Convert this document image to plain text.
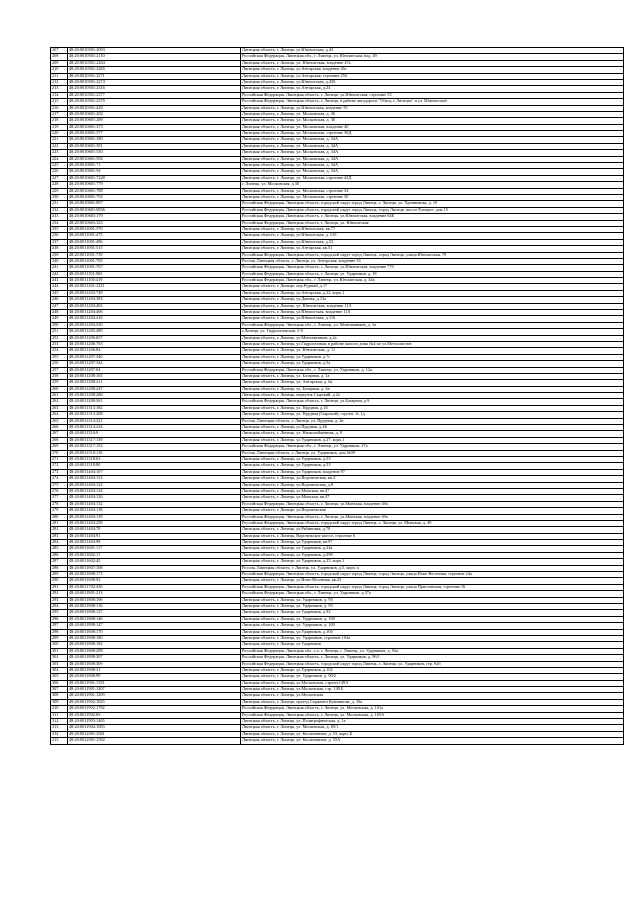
207	48:20:0010501:2093	Липецкая область, г. Липецк, ул.Юношеская, д.43
208	48:20:0010501:2110	Российская Федерация, Липецкая обл., г. Липецк, ул. Юношеская, влд. 49
209	48:20:0010501:2264	Липецкая область, г. Липецк, ул. Юношеская, владение 47а
210	48:20:0010501:2265	Липецкая область, г. Липецк, ул.Антарская, владение 26г
211	48:20:0010501:2271	Липецкая область, г. Липецк, ул.Антарская, строение 25б
212	48:20:0010501:2274	Липецкая область, г. Липецк, ул.Юношеская, д.43б
213	48:20:0010501:2316	Липецкая область, г. Липецк, ул.Антарская, д.24
214	48:20:0010501:2377	Российская Федерация, Липецкая область, г. Липецк, ул.Юношеская, строение 53
215	48:20:0010501:2379	Российская Федерация, Липецкая область, г. Липецк, в районе автодороги "Обход г. Липецка" и ул. Юношеской
216	48:20:0010501:429	Липецкая область, г. Липецк, ул.Юношеская, владение 55
217	48:20:0010601:202	Липецкая область, г. Липецк, ул. Московская, д. 36
218	48:20:0010601:289	Липецкая область, г. Липецк, ул. Московская, д. 36
219	48:20:0010601:373	Липецкая область, г. Липецк, ул. Московская, владение 40
220	48:20:0010601:377	Липецкая область, г. Липецк, ул. Московская, строение 30Д
221	48:20:0010601:380	Липецкая область, г. Липецк, ул. Московская, д. 34А
222	48:20:0010601:381	Липецкая область, г. Липецк, ул. Московская, д. 34А
223	48:20:0010601:530	Липецкая область, г. Липецк, ул. Московская, д. 34А
224	48:20:0010601:592	Липецкая область, г. Липецк, ул. Московская, д. 34А
225	48:20:0010601:71	Липецкая область, г. Липецк, ул. Московская, д. 34А
226	48:20:0010601:94	Липецкая область, г. Липецк, ул. Московская, д. 34А
227	48:20:0010601:7228	Липецкая область, г. Липецк, ул. Московская, строение 42Д
228	48:20:0010601:779	г. Липецк, ул. Московская, д.30
229	48:20:0010601:788	Липецкая область, г. Липецк, ул. Московская, строение 34
230	48:20:0010601:792	Липецкая область, г. Липецк, ул. Московская, строение 30
231	48:20:0010601:807	Российская Федерация, Липецкая область, городской округ город Липецк, г. Липецк, ул. Хренникова, д. 1б
232	48:20:0010601:9836	Российская Федерация, Липецкая область, городской округ город Липецк, город Липецк, шоссе Елецкое, дом 15
233	48:20:0010603:179	Российская Федерация, Липецкая область, г. Липецк, ул.Юношеская, владение 64Е
234	48:20:0010603:323	Российская Федерация, Липецкая область, г. Липецк, ул. Юношеская
235	48:20:0011001:376	Липецкая область, г. Липецк, ул.Юношеская, кв.77
236	48:20:0011001:475	Липецкая область, г. Липецк, ул.Юношеская, д. 51б
237	48:20:0011001:496	Липецкая область, г. Липецк, ул.Юношеская, д.52
238	48:20:0011001:515	Липецкая область, г. Липецк, ул.Антарская, кв.51
239	48:20:0011001:739	Российская Федерация, Липецкая область, городской округ город Липецк, город Липецк, улица Юношеская, 79
240	48:20:0011001:765	Россия, Липецкая область, г. Липецк, ул. Антарская, владение 33
241	48:20:0011001:767	Российская Федерация, Липецкая область, г. Липецк, ул.Юношеская, владение 77б
242	48:20:0011101:965	Российская Федерация, Липецкая область, г. Липецк, ул. Ударников, д. 18
243	48:20:0011104:419	Российская Федерация, Липецкая обл., г. Липецк, ул. Юношеская, д. 44а
244	48:20:0011201:1221	Липецкая область, г. Липецк, пер.Рудный, д.17
245	48:20:0011202:749	Липецкая область, г. Липецк, ул.Антарская, д.22, корп.1
246	48:20:0011204:383	Липецкая область, г. Липецк, ул.Дачная, д.13а
247	48:20:0011204:402	Липецкая область, г. Липецк, ул. Юношеская, владение 11А
248	48:20:0011204:406	Липецкая область, г. Липецк, ул.Юношеская, владение 11А
249	48:20:0011204:416	Липецкая область, г. Липецк, ул.Юношеская, д.11б
250	48:20:0011204:520	Российская Федерация, Липецкая обл., г. Липецк, ул. Монтажников, д. 3а
251	48:20:0011205:489	г.Липецк, ул. Гидрогазовская, 2-б
252	48:20:0011206:657	Липецкая область, г. Липецк, ул.Монтажников, д.2а
253	48:20:0011206:763	Липецкая область, г. Липецк, ул.Гидрогазовая, в районе жилого дома №4 по ул.Металлистов
254	48:20:0011206:84	Липецкая область, г. Липецк, ул. Юношеская, д. 11
255	48:20:0011207:340	Липецкая область, г. Липецк, ул.Ударников, д.7г
256	48:20:0011207:344	Липецкая область, г. Липецк, ул.Ударников, д.5а
257	48:20:0011207:64	Российская Федерация, Липецкая обл., г. Липецк, ул. Ударников, д. 12а
258	48:20:0011208:165	Липецкая область, г. Липецк, ул. Базарная, д. 1а
259	48:20:0011208:211	Липецкая область, г. Липецк, ул. Антарская, д. 6а
260	48:20:0011208:247	Липецкая область, г. Липецк, ул. Базарная, д. 3в
261	48:20:0011208:286	Липецкая область, г. Липецк, переулок Сырский, д.2а
262	48:20:0011208:361	Российская Федерация, Липецкая область, г. Липецк, ул.Базарная, д.9
263	48:20:0011313:182	Липецкая область, г. Липецк, ул. Прудная, д.16
264	48:20:0011313:208	Липецкая область, г. Липецк, ул. Прудная (Сырский), строен. 1г, 1д
265	48:20:0011314:221	Россия, Липецкая область, г. Липецк, ул. Прудная, д. 2в
266	48:20:0011314:224	Липецкая область, г. Липецк, ул.Прудная, д.2Б
267	48:20:0011316:9	Липецкая область, г. Липецк, ул. Низкопойменная, д. 8
268	48:20:0011317:139	Липецкая область, г. Липецк, ул.Ударников, д.27, корп.1
269	48:20:0011317:152	Российская Федерация, Липецкая обл., г. Липецк, ул. Ударников, 27а
270	48:20:0011318:116	Россия, Липецкая область, г. Липецк, ул. Ударников, дом №59
271	48:20:0011318:63	Липецкая область, г. Липецк, ул.Ударников, д.53
272	48:20:0011318:80	Липецкая область, г. Липецк, ул.Ударников, д.53
273	48:20:0011404:107	Липецкая область, г. Липецк, ул.Ударников, владение 97
274	48:20:0011404:113	Липецкая область, г. Липецк, ул.Воронежская, кв.2
275	48:20:0011404:122	Липецкая область, г. Липецк, ул.Воронежская, д.8
276	48:20:0011404:124	Липецкая область, г. Липецк, ул.Минская, кв.47
277	48:20:0011404:126	Липецкая область, г. Липецк, ул.Минская, кв.47
278	48:20:0011404:132	Российская Федерация, Липецкая область, г. Липецк, ул.Минская, владение 49а
279	48:20:0011404:138	Липецкая область, г. Липецк, ул.Воронежская
280	48:20:0011404:139	Российская Федерация, Липецкая область, г. Липецк, ул.Минская, владение 49а
281	48:20:0011404:258	Российская Федерация, Липецкая область, городской округ город Липецк, г. Липецк, ул. Минская, д. 49
282	48:20:0011404:78	Липецкая область, г. Липецк, ул.Рябиновая, д.70
283	48:20:0011404:91	Липецкая область, г. Липецк, Воронежское шоссе, строение 6
284	48:20:0011404:98	Липецкая область, г. Липецк, ул.Ударников, кв.97
285	48:20:0011601:117	Липецкая область, г. Липецк, ул.Ударников, д.24а
286	48:20:0011602:11	Липецкая область, г. Липецк, ул.Ударников, д.29б
287	48:20:0011602:45	Липецкая область, г. Липецк, ул.Ударников, д.25, корп.1
288	48:20:0011607:108	Россия, Липецкая область, г. Липецк, ул. Ударников, д.5, корп. а
289	48:20:0011608:171	Российская Федерация, Липецкая область, городской округ город Липецк, город Липецк, улица Ново-Весенняя, строение 24а
290	48:20:0011608:92	Липецкая область, г. Липецк, ул.Ново-Весенняя, кв.23
291	48:20:0011702:456	Российская Федерация, Липецкая область, городской округ город Липецк, город Липецк, улица Пристанская, строение 16
292	48:20:0011801:213	Российская Федерация, Липецкая обл., г. Липецк, ул. Ударников, д.37а
293	48:20:0011808:106	Липецкая область, г. Липецк, ул. Ударников, д. 93
294	48:20:0011808:116	Липецкая область, г. Липецк, ул. Ударников, д. 93
295	48:20:0011808:127	Липецкая область, г. Липецк, ул.Ударников, д.92
296	48:20:0011808:146	Липецкая область, г. Липецк, ул. Ударников, д. 100
297	48:20:0011808:147	Липецкая область, г. Липецк, ул. Ударников, д. 100
298	48:20:0011808:170	Липецкая область, г. Липецк, ул.Ударников, д.104
299	48:20:0011808:180	Липецкая область, г. Липецк, ул. Ударников, строение 104а
300	48:20:0011808:182	Липецкая область, г. Липецк, ул.Ударников
301	48:20:0011808:298	Российская Федерация, Липецкая обл., г.о. г. Липецк, г. Липецк, ул. Ударников, д. 92а
302	48:20:0011808:307	Российская Федерация, Липецкая область, г. Липецк, ул. Ударников, д. 96/1
303	48:20:0011808:309	Российская Федерация, Липецкая область, городской округ город Липецк, г. Липецк, ул. Ударников, стр. 92б
304	48:20:0011808:31	Липецкая область, г. Липецк, ул.Ударников, д.102
305	48:20:0011808:99	Липецкая область, г. Липецк, ул. Ударников, д. 90/2
306	48:20:0011901:1191	Липецкая область, г. Липецк, ул.Московская, строен.149А
307	48:20:0011901:1207	Липецкая область, г. Липецк, ул.Московская, стр. 149 Б
308	48:20:0011901:1209	Липецкая область, г. Липецк, ул.Московская
309	48:20:0011902:1025	Липецкая область, г. Липецк, проезд Сержанта Кувшинова, д. 16а
310	48:20:0011902:1792	Российская Федерация, Липецкая область, г. Липецк, ул. Московская, д. 101а
311	48:20:0011902:69	Российская Федерация, Липецкая область, г. Липецк, ул. Московская, д. 105А
312	48:20:0011903:1465	Липецкая область, г. Липецк, ул. Полиграфическая, д. 1а
313	48:20:0011904:1083	Липецкая область, г. Липецк, ул. Московская, д. 85/1
314	48:20:0012001:2561	Липецкая область, г. Липецк, ул. Космонавтов, д. 53, корп. Б
315	48:20:0012001:2582	Липецкая область, г. Липецк, ул. Космонавтов, д. 55А
